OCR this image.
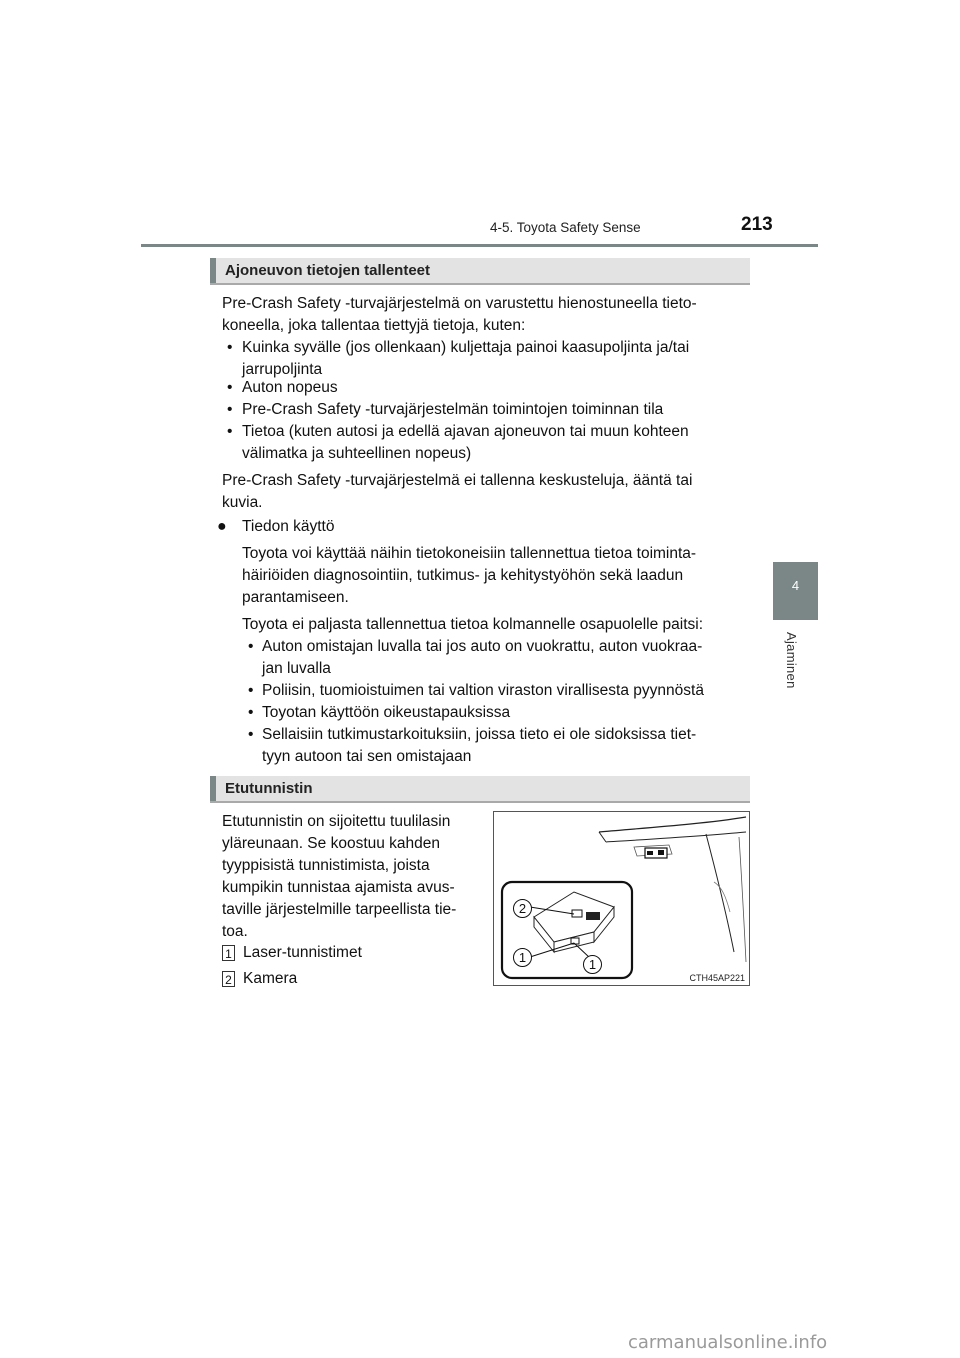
4-5. Toyota Safety Sense	213
4
Ajaminen
Ajoneuvon tietojen tallenteet
Pre-Crash Safety -turvajärjestelmä on varustettu hienostuneella tieto-
koneella, joka tallentaa tiettyjä tietoja, kuten:
• Kuinka syvälle (jos ollenkaan) kuljettaja painoi kaasupoljinta ja/tai
jarrupoljinta
• Auton nopeus
• Pre-Crash Safety -turvajärjestelmän toimintojen toiminnan tila
• Tietoa (kuten autosi ja edellä ajavan ajoneuvon tai muun kohteen
välimatka ja suhteellinen nopeus)
Pre-Crash Safety -turvajärjestelmä ei tallenna keskusteluja, ääntä tai
kuvia.
● Tiedon käyttö
Toyota voi käyttää näihin tietokoneisiin tallennettua tietoa toiminta-
häiriöiden diagnosointiin, tutkimus- ja kehitystyöhön sekä laadun
parantamiseen.
Toyota ei paljasta tallennettua tietoa kolmannelle osapuolelle paitsi:
• Auton omistajan luvalla tai jos auto on vuokrattu, auton vuokraa-
jan luvalla
• Poliisin, tuomioistuimen tai valtion viraston virallisesta pyynnöstä
• Toyotan käyttöön oikeustapauksissa
• Sellaisiin tutkimustarkoituksiin, joissa tieto ei ole sidoksissa tiet-
tyyn autoon tai sen omistajaan
Etutunnistin
Etutunnistin on sijoitettu tuulilasin
yläreunaan. Se koostuu kahden
tyyppisistä tunnistimista, joista
kumpikin tunnistaa ajamista avus-
taville järjestelmille tarpeellista tie-
toa.
1 Laser-tunnistimet
2 Kamera
2
1	1
CTH45AP221
carmanualsonline.info
